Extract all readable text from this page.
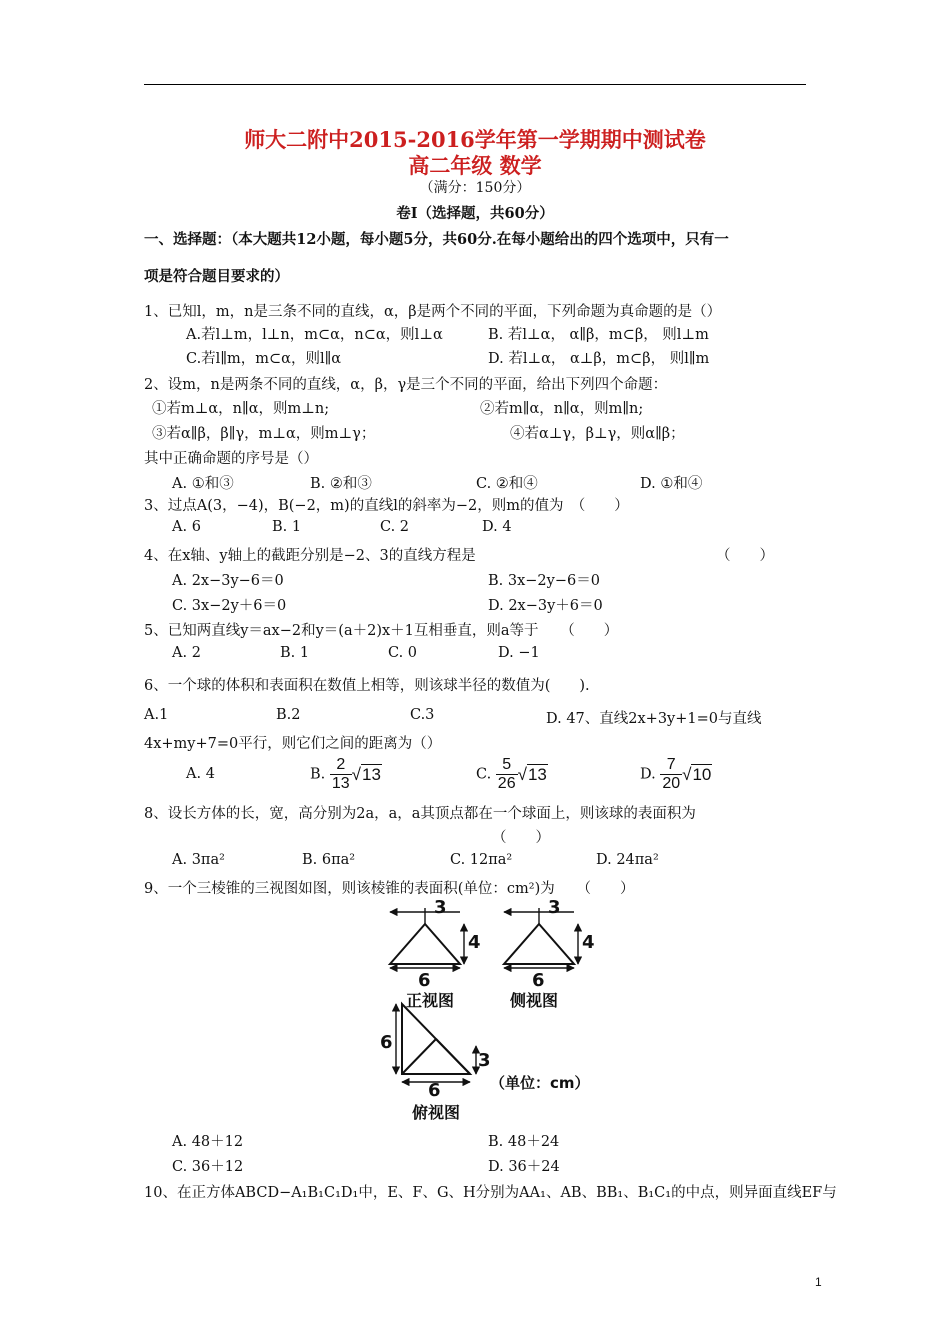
师大二附中2015-2016学年第一学期期中测试卷
高二年级 数学
（满分：150分）
卷Ⅰ（选择题，共60分）
一、选择题：（本大题共12小题，每小题5分，共60分.在每小题给出的四个选项中，只有一
项是符合题目要求的）
1、已知l，m，n是三条不同的直线，α，β是两个不同的平面，下列命题为真命题的是（）
A.若l⊥m，l⊥n，m⊂α，n⊂α，则l⊥α	B. 若l⊥α， α∥β，m⊂β， 则l⊥m
C.若l∥m，m⊂α，则l∥α	D. 若l⊥α， α⊥β，m⊂β， 则l∥m
2、设m，n是两条不同的直线，α，β，γ是三个不同的平面，给出下列四个命题：
①若m⊥α，n∥α，则m⊥n;	②若m∥α，n∥α，则m∥n;
③若α∥β，β∥γ，m⊥α，则m⊥γ；	④若α⊥γ，β⊥γ，则α∥β；
其中正确命题的序号是（）
A. ①和③	B. ②和③	C. ②和④	D. ①和④
3、过点A(3，−4)，B(−2，m)的直线l的斜率为−2，则m的值为　（　　）
A. 6	B. 1	C. 2	D. 4
4、在x轴、y轴上的截距分别是−2、3的直线方程是	（　　）
A. 2x−3y−6＝0	B. 3x−2y−6＝0
C. 3x−2y＋6＝0	D. 2x−3y＋6＝0
5、已知两直线y＝ax−2和y＝(a＋2)x＋1互相垂直，则a等于　　（　　）
A. 2	B. 1	C. 0	D. −1
6、一个球的体积和表面积在数值上相等，则该球半径的数值为(　　).
A.1	B.2	C.3	D. 47、直线2x+3y+1=0与直线
4x+my+7=0平行，则它们之间的距离为（）
A. 4	B. $\frac{2}{13} √13$	C. $\frac{5}{26} √13$	D. $\frac{7}{20} √10$
8、设长方体的长，宽，高分别为2a，a，a其顶点都在一个球面上，则该球的表面积为
（　　）
A. 3πa²	B. 6πa²	C. 12πa²	D. 24πa²
9、一个三棱锥的三视图如图，则该棱锥的表面积(单位：cm²)为　　（　　）
3
4
6
正视图
3
4
6
侧视图
6
3
6	（单位：cm）
俯视图
A. 48＋12	B. 48＋24
C. 36＋12	D. 36＋24
10、在正方体ABCD−A₁B₁C₁D₁中，E、F、G、H分别为AA₁、AB、BB₁、B₁C₁的中点，则异面直线EF与
1
